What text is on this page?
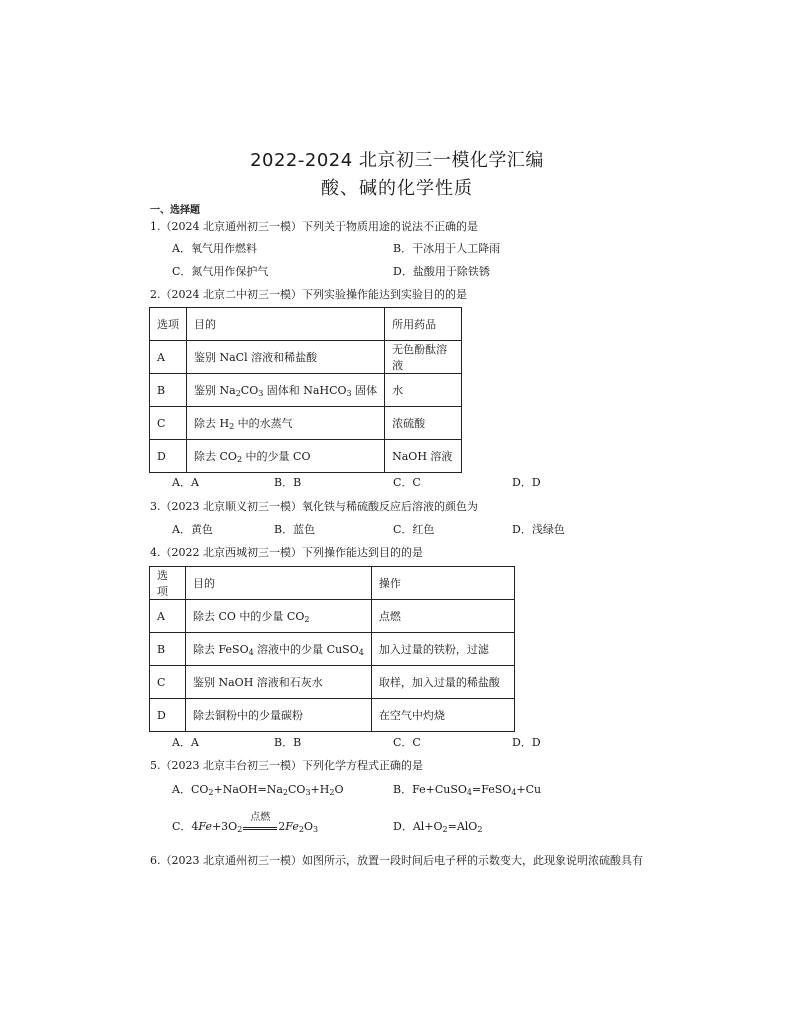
2022-2024 北京初三一模化学汇编
酸、碱的化学性质
一、选择题
1.（2024 北京通州初三一模）下列关于物质用途的说法不正确的是
A．氧气用作燃料	B．干冰用于人工降雨
C．氮气用作保护气	D．盐酸用于除铁锈
2.（2024 北京二中初三一模）下列实验操作能达到实验目的的是
选项	目的	所用药品
A	鉴别 NaCl 溶液和稀盐酸	无色酚酞溶液
B	鉴别 $Na_2CO_3$ 固体和 NaHCO$_3$ 固体	水
C	除去 $H_2$ 中的水蒸气	浓硫酸
D	除去 $CO_2$ 中的少量 CO	NaOH 溶液
A．A	B．B	C．C	D．D
3.（2023 北京顺义初三一模）氧化铁与稀硫酸反应后溶液的颜色为
A．黄色	B．蓝色	C．红色	D．浅绿色
4.（2022 北京西城初三一模）下列操作能达到目的的是
选项	目的	操作
A	除去 CO 中的少量 $CO_2$	点燃
B	除去 FeSO$_4$ 溶液中的少量 CuSO$_4$	加入过量的铁粉，过滤
C	鉴别 NaOH 溶液和石灰水	取样，加入过量的稀盐酸
D	除去铜粉中的少量碳粉	在空气中灼烧
A．A	B．B	C．C	D．D
5.（2023 北京丰台初三一模）下列化学方程式正确的是
A．$CO_2+NaOH=Na_2CO_3+H_2O$	B．Fe+CuSO$_4$=FeSO$_4$+Cu
C．$4Fe+3O_2$
点燃
$2Fe_2O_3$	D．$Al+O_2=AlO_2$
6.（2023 北京通州初三一模）如图所示，放置一段时间后电子秤的示数变大，此现象说明浓硫酸具有
